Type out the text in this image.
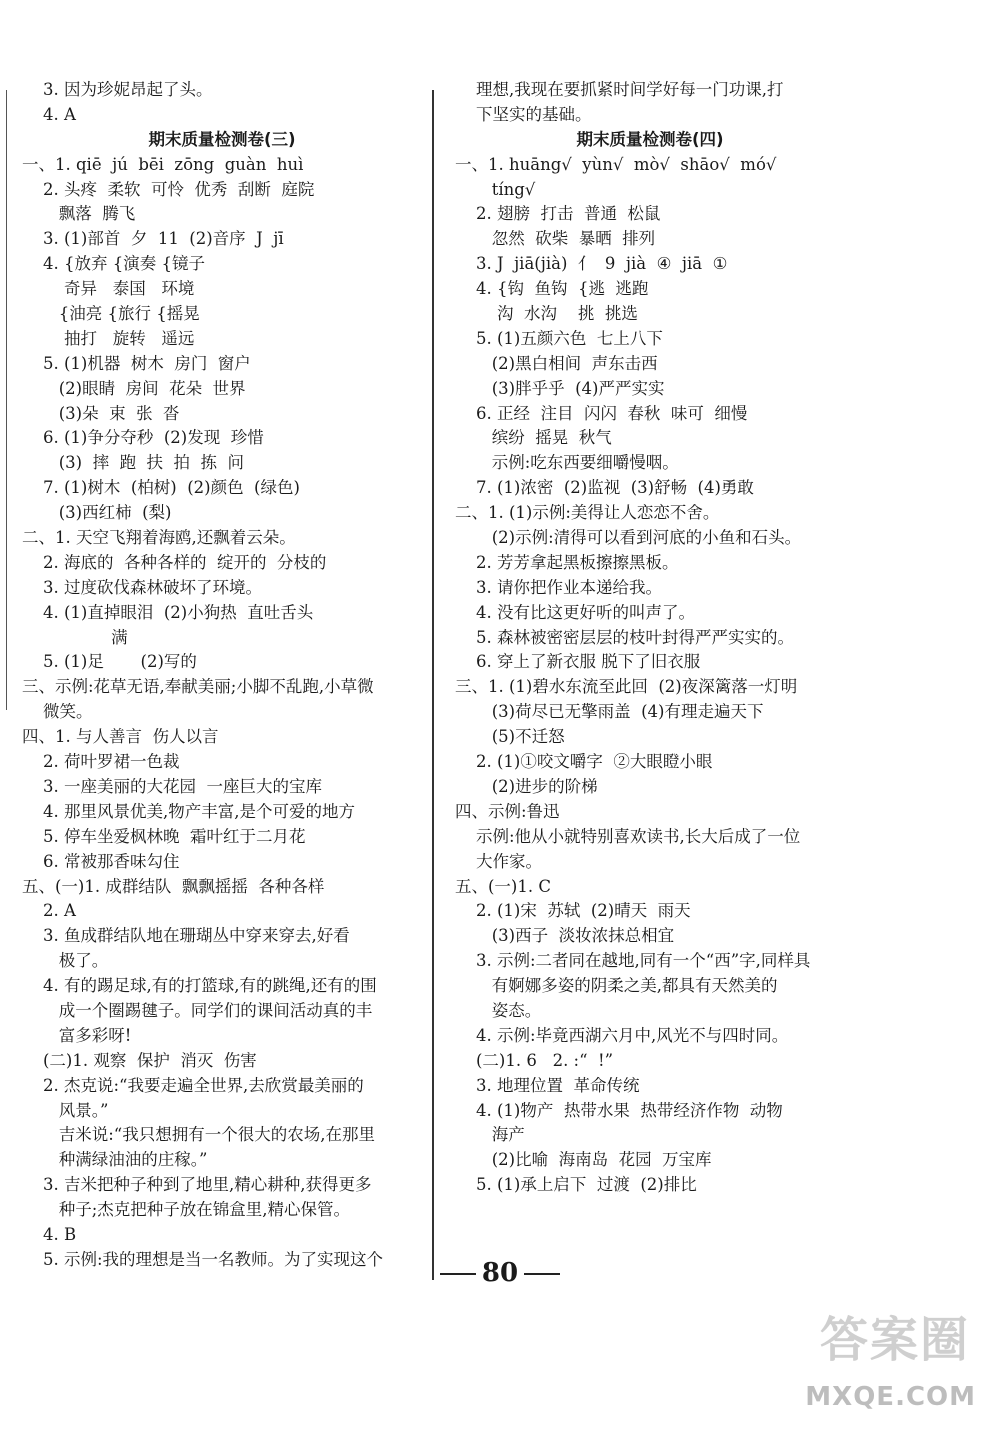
3. 因为珍妮昂起了头。
4. A
期末质量检测卷(三)
一、1. qiē  jú  bēi  zōng  guàn  huì
2. 头疼  柔软  可怜  优秀  刮断  庭院
飘落  腾飞
3. (1)部首  夕  11  (2)音序  J  jī
4. {放弃 {演奏 {镜子
奇异   泰国   环境
{油亮 {旅行 {摇晃
抽打   旋转   遥远
5. (1)机器  树木  房门  窗户
(2)眼睛  房间  花朵  世界
(3)朵  束  张  沓
6. (1)争分夺秒  (2)发现  珍惜
(3)  摔  跑  扶  拍  拣  问
7. (1)树木  (柏树)  (2)颜色  (绿色)
(3)西红柿  (梨)
二、1. 天空飞翔着海鸥,还飘着云朵。
2. 海底的  各种各样的  绽开的  分枝的
3. 过度砍伐森林破坏了环境。
4. (1)直掉眼泪  (2)小狗热  直吐舌头
满
5. (1)足       (2)写的
三、示例:花草无语,奉献美丽;小脚不乱跑,小草微
微笑。
四、1. 与人善言  伤人以言
2. 荷叶罗裙一色裁
3. 一座美丽的大花园  一座巨大的宝库
4. 那里风景优美,物产丰富,是个可爱的地方
5. 停车坐爱枫林晚  霜叶红于二月花
6. 常被那香味勾住
五、(一)1. 成群结队  飘飘摇摇  各种各样
2. A
3. 鱼成群结队地在珊瑚丛中穿来穿去,好看
极了。
4. 有的踢足球,有的打篮球,有的跳绳,还有的围
成一个圈踢毽子。同学们的课间活动真的丰
富多彩呀!
(二)1. 观察  保护  消灭  伤害
2. 杰克说:“我要走遍全世界,去欣赏最美丽的
风景。”
吉米说:“我只想拥有一个很大的农场,在那里
种满绿油油的庄稼。”
3. 吉米把种子种到了地里,精心耕种,获得更多
种子;杰克把种子放在锦盒里,精心保管。
4. B
5. 示例:我的理想是当一名教师。为了实现这个
理想,我现在要抓紧时间学好每一门功课,打
下坚实的基础。
期末质量检测卷(四)
一、1. huāng√  yùn√  mò√  shāo√  mó√
tíng√
2. 翅膀  打击  普通  松鼠
忽然  砍柴  暴晒  排列
3. J  jiā(jià)  亻  9  jià  ④  jiā  ①
4. {钩  鱼钩  {逃  逃跑
沟  水沟    挑  挑选
5. (1)五颜六色  七上八下
(2)黑白相间  声东击西
(3)胖乎乎  (4)严严实实
6. 正经  注目  闪闪  春秋  味可  细慢
缤纷  摇晃  秋气
示例:吃东西要细嚼慢咽。
7. (1)浓密  (2)监视  (3)舒畅  (4)勇敢
二、1. (1)示例:美得让人恋恋不舍。
(2)示例:清得可以看到河底的小鱼和石头。
2. 芳芳拿起黑板擦擦黑板。
3. 请你把作业本递给我。
4. 没有比这更好听的叫声了。
5. 森林被密密层层的枝叶封得严严实实的。
6. 穿上了新衣服 脱下了旧衣服
三、1. (1)碧水东流至此回  (2)夜深篱落一灯明
(3)荷尽已无擎雨盖  (4)有理走遍天下
(5)不迁怒
2. (1)①咬文嚼字  ②大眼瞪小眼
(2)进步的阶梯
四、示例:鲁迅
示例:他从小就特别喜欢读书,长大后成了一位
大作家。
五、(一)1. C
2. (1)宋  苏轼  (2)晴天  雨天
(3)西子  淡妆浓抹总相宜
3. 示例:二者同在越地,同有一个“西”字,同样具
有婀娜多姿的阴柔之美,都具有天然美的
姿态。
4. 示例:毕竟西湖六月中,风光不与四时同。
(二)1. 6   2. :“  !”
3. 地理位置  革命传统
4. (1)物产  热带水果  热带经济作物  动物
海产
(2)比喻  海南岛  花园  万宝库
5. (1)承上启下  过渡  (2)排比
80
答案圈
MXQE.COM
